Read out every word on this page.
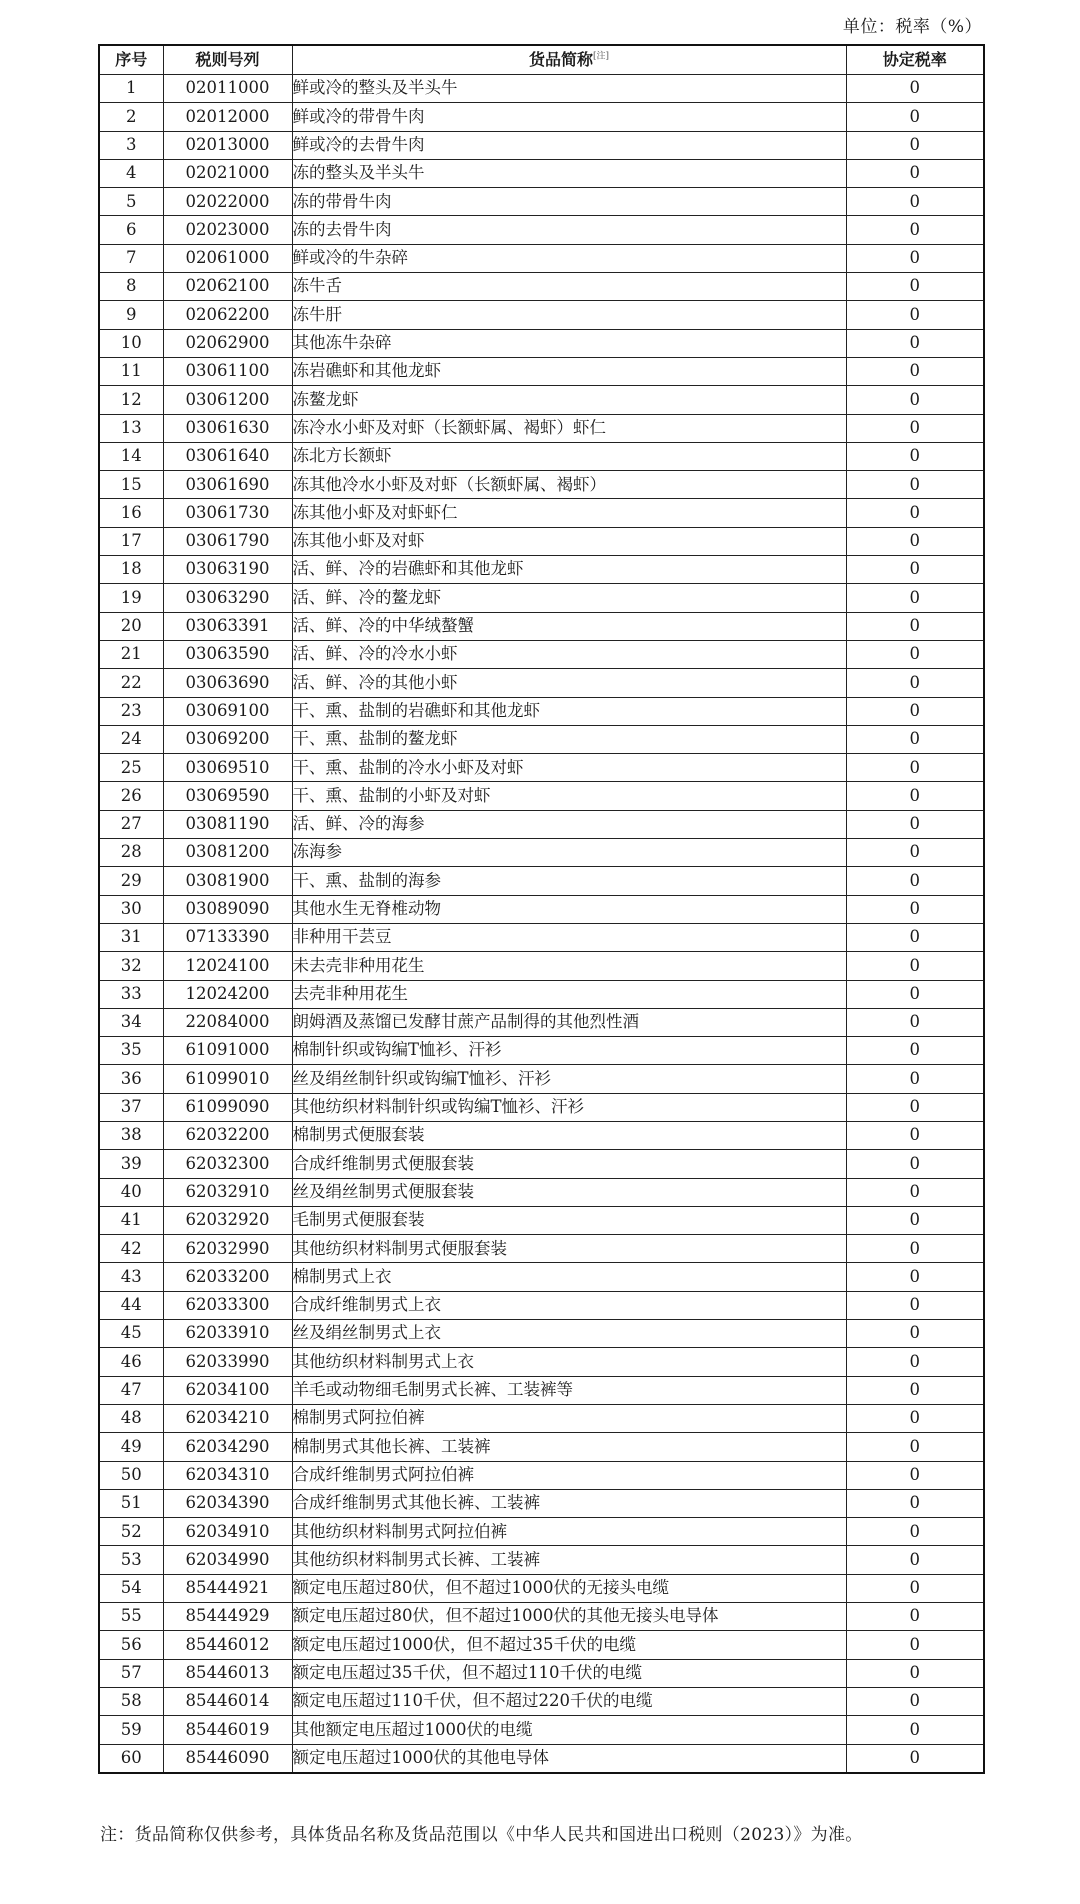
单位：税率（%）
序号	税则号列	货品简称[注]	协定税率
1	02011000	鲜或冷的整头及半头牛	0
2	02012000	鲜或冷的带骨牛肉	0
3	02013000	鲜或冷的去骨牛肉	0
4	02021000	冻的整头及半头牛	0
5	02022000	冻的带骨牛肉	0
6	02023000	冻的去骨牛肉	0
7	02061000	鲜或冷的牛杂碎	0
8	02062100	冻牛舌	0
9	02062200	冻牛肝	0
10	02062900	其他冻牛杂碎	0
11	03061100	冻岩礁虾和其他龙虾	0
12	03061200	冻鳌龙虾	0
13	03061630	冻冷水小虾及对虾（长额虾属、褐虾）虾仁	0
14	03061640	冻北方长额虾	0
15	03061690	冻其他冷水小虾及对虾（长额虾属、褐虾）	0
16	03061730	冻其他小虾及对虾虾仁	0
17	03061790	冻其他小虾及对虾	0
18	03063190	活、鲜、冷的岩礁虾和其他龙虾	0
19	03063290	活、鲜、冷的鳌龙虾	0
20	03063391	活、鲜、冷的中华绒螯蟹	0
21	03063590	活、鲜、冷的冷水小虾	0
22	03063690	活、鲜、冷的其他小虾	0
23	03069100	干、熏、盐制的岩礁虾和其他龙虾	0
24	03069200	干、熏、盐制的鳌龙虾	0
25	03069510	干、熏、盐制的冷水小虾及对虾	0
26	03069590	干、熏、盐制的小虾及对虾	0
27	03081190	活、鲜、冷的海参	0
28	03081200	冻海参	0
29	03081900	干、熏、盐制的海参	0
30	03089090	其他水生无脊椎动物	0
31	07133390	非种用干芸豆	0
32	12024100	未去壳非种用花生	0
33	12024200	去壳非种用花生	0
34	22084000	朗姆酒及蒸馏已发酵甘蔗产品制得的其他烈性酒	0
35	61091000	棉制针织或钩编T恤衫、汗衫	0
36	61099010	丝及绢丝制针织或钩编T恤衫、汗衫	0
37	61099090	其他纺织材料制针织或钩编T恤衫、汗衫	0
38	62032200	棉制男式便服套装	0
39	62032300	合成纤维制男式便服套装	0
40	62032910	丝及绢丝制男式便服套装	0
41	62032920	毛制男式便服套装	0
42	62032990	其他纺织材料制男式便服套装	0
43	62033200	棉制男式上衣	0
44	62033300	合成纤维制男式上衣	0
45	62033910	丝及绢丝制男式上衣	0
46	62033990	其他纺织材料制男式上衣	0
47	62034100	羊毛或动物细毛制男式长裤、工装裤等	0
48	62034210	棉制男式阿拉伯裤	0
49	62034290	棉制男式其他长裤、工装裤	0
50	62034310	合成纤维制男式阿拉伯裤	0
51	62034390	合成纤维制男式其他长裤、工装裤	0
52	62034910	其他纺织材料制男式阿拉伯裤	0
53	62034990	其他纺织材料制男式长裤、工装裤	0
54	85444921	额定电压超过80伏，但不超过1000伏的无接头电缆	0
55	85444929	额定电压超过80伏，但不超过1000伏的其他无接头电导体	0
56	85446012	额定电压超过1000伏，但不超过35千伏的电缆	0
57	85446013	额定电压超过35千伏，但不超过110千伏的电缆	0
58	85446014	额定电压超过110千伏，但不超过220千伏的电缆	0
59	85446019	其他额定电压超过1000伏的电缆	0
60	85446090	额定电压超过1000伏的其他电导体	0
注：货品简称仅供参考，具体货品名称及货品范围以《中华人民共和国进出口税则（2023）》为准。
